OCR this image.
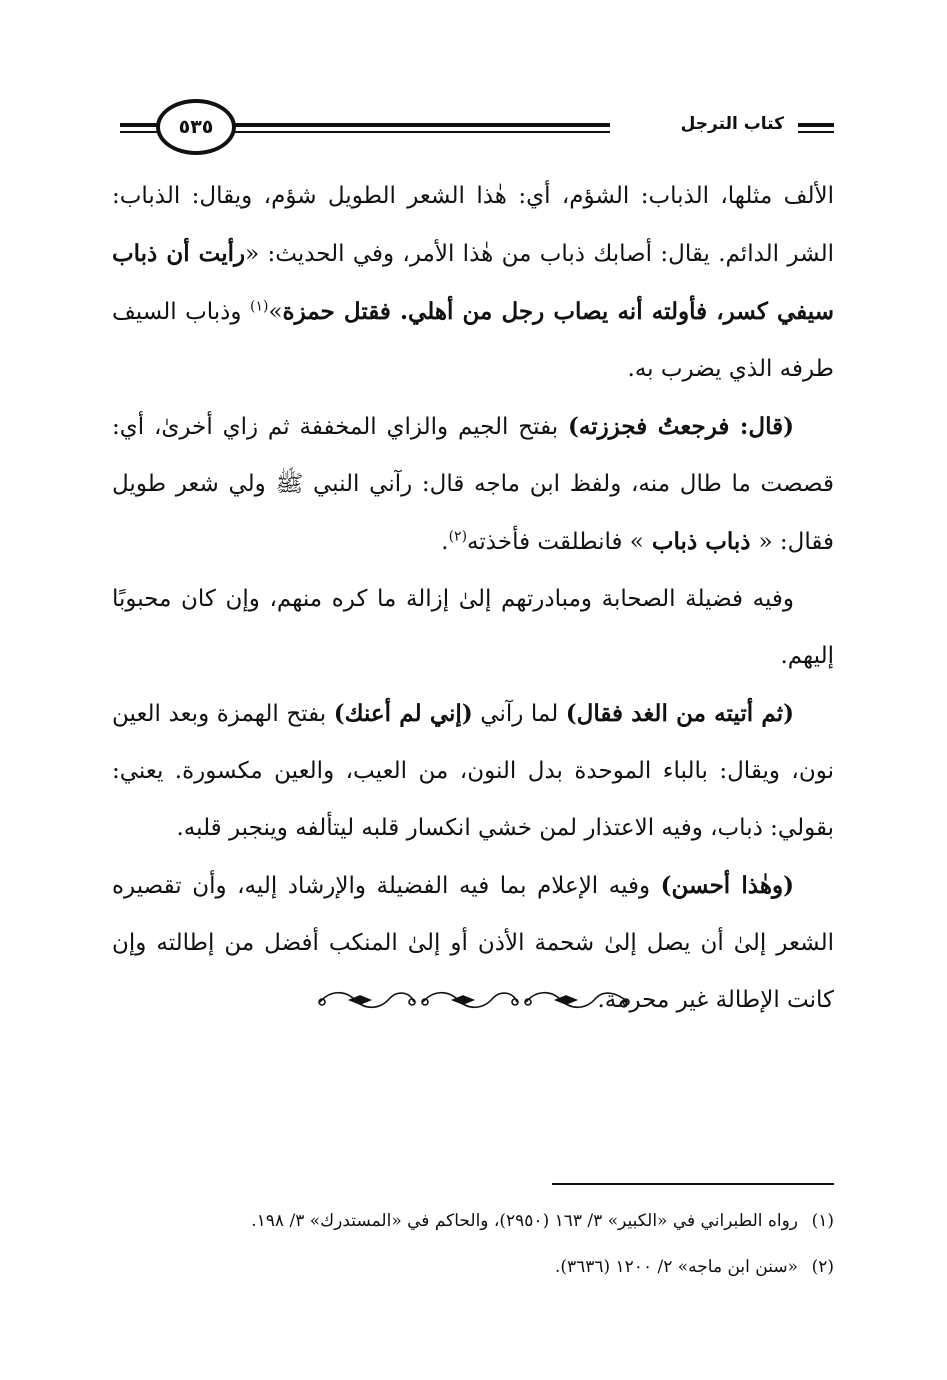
٥٣٥	كتاب الترجل

الألف مثلها، الذباب: الشؤم، أي: هٰذا الشعر الطويل شؤم، ويقال: الذباب: الشر الدائم. يقال: أصابك ذباب من هٰذا الأمر، وفي الحديث: «رأيت أن ذباب سيفي كسر، فأولته أنه يصاب رجل من أهلي. فقتل حمزة»$^{(١)}$ وذباب السيف طرفه الذي يضرب به.

(قال: فرجعتُ فجززته) بفتح الجيم والزاي المخففة ثم زاي أخرىٰ، أي: قصصت ما طال منه، ولفظ ابن ماجه قال: رآني النبي ﷺ ولي شعر طويل فقال: « ذباب ذباب » فانطلقت فأخذته$^{(٢)}$.

وفيه فضيلة الصحابة ومبادرتهم إلىٰ إزالة ما كره منهم، وإن كان محبوبًا إليهم.

(ثم أتيته من الغد فقال) لما رآني (إني لم أعنك) بفتح الهمزة وبعد العين نون، ويقال: بالباء الموحدة بدل النون، من العيب، والعين مكسورة. يعني: بقولي: ذباب، وفيه الاعتذار لمن خشي انكسار قلبه ليتألفه وينجبر قلبه.

(وهٰذا أحسن) وفيه الإعلام بما فيه الفضيلة والإرشاد إليه، وأن تقصيره الشعر إلىٰ أن يصل إلىٰ شحمة الأذن أو إلىٰ المنكب أفضل من إطالته وإن كانت الإطالة غير محرمة.

(١)رواه الطبراني في «الكبير» ٣/ ١٦٣ (٢٩٥٠)، والحاكم في «المستدرك» ٣/ ١٩٨.

(٢)«سنن ابن ماجه» ٢/ ١٢٠٠ (٣٦٣٦).
